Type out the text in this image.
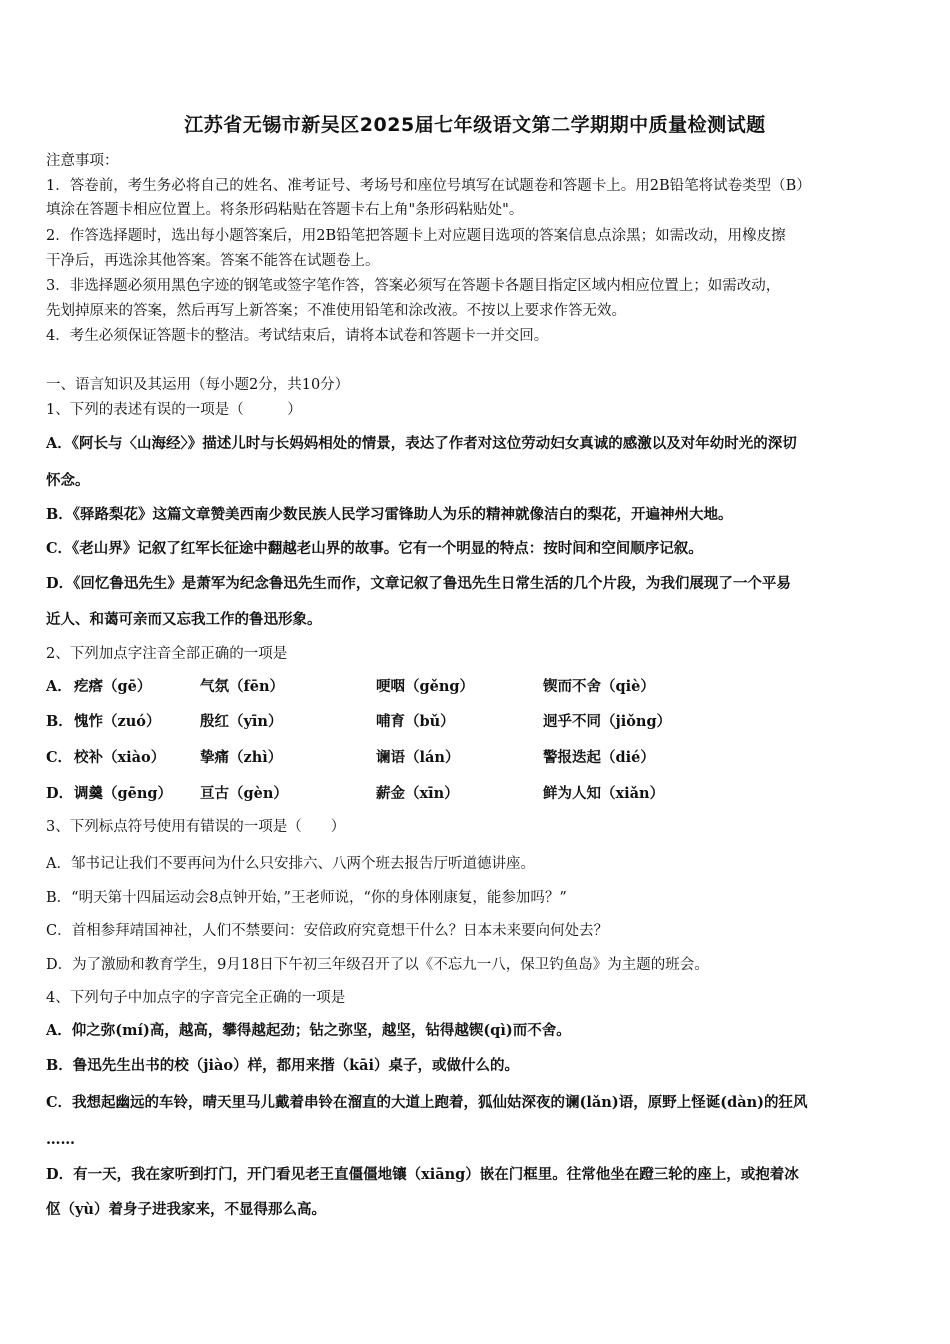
江苏省无锡市新吴区2025届七年级语文第二学期期中质量检测试题
注意事项：
1．答卷前，考生务必将自己的姓名、准考证号、考场号和座位号填写在试题卷和答题卡上。用2B铅笔将试卷类型（B）
填涂在答题卡相应位置上。将条形码粘贴在答题卡右上角"条形码粘贴处"。
2．作答选择题时，选出每小题答案后，用2B铅笔把答题卡上对应题目选项的答案信息点涂黑；如需改动，用橡皮擦
干净后，再选涂其他答案。答案不能答在试题卷上。
3．非选择题必须用黑色字迹的钢笔或签字笔作答，答案必须写在答题卡各题目指定区域内相应位置上；如需改动，
先划掉原来的答案，然后再写上新答案；不准使用铅笔和涂改液。不按以上要求作答无效。
4．考生必须保证答题卡的整洁。考试结束后，请将本试卷和答题卡一并交回。
一、语言知识及其运用（每小题2分，共10分）
1、下列的表述有误的一项是（　　　）
A．《阿长与〈山海经〉》描述儿时与长妈妈相处的情景，表达了作者对这位劳动妇女真诚的感激以及对年幼时光的深切
怀念。
B．《驿路梨花》这篇文章赞美西南少数民族人民学习雷锋助人为乐的精神就像洁白的梨花，开遍神州大地。
C．《老山界》记叙了红军长征途中翻越老山界的故事。它有一个明显的特点：按时间和空间顺序记叙。
D．《回忆鲁迅先生》是萧军为纪念鲁迅先生而作，文章记叙了鲁迅先生日常生活的几个片段，为我们展现了一个平易
近人、和蔼可亲而又忘我工作的鲁迅形象。
2、下列加点字注音全部正确的一项是
A． 疙瘩（gē）	气氛（fēn）	哽咽（gěng）	锲而不舍（qiè）
B． 愧怍（zuó）	殷红（yīn）	哺育（bǔ）	迥乎不同（jiǒng）
C． 校补（xiào） 挚痛（zhì）	谰语（lán）	警报迭起（dié）
D． 调羹（gēng） 亘古（gèn）	薪金（xīn）	鲜为人知（xiǎn）
3、下列标点符号使用有错误的一项是（　　）
A．邹书记让我们不要再问为什么只安排六、八两个班去报告厅听道德讲座。
B．“明天第十四届运动会8点钟开始，”王老师说，“你的身体刚康复，能参加吗？”
C．首相参拜靖国神社，人们不禁要问：安倍政府究竟想干什么？日本未来要向何处去？
D．为了激励和教育学生，9月18日下午初三年级召开了以《不忘九一八，保卫钓鱼岛》为主题的班会。
4、下列句子中加点字的字音完全正确的一项是
A．仰之弥(mí)高，越高，攀得越起劲；钻之弥坚，越坚，钻得越锲(qì)而不舍。
B．鲁迅先生出书的校（jiào）样，都用来揩（kāi）桌子，或做什么的。
C．我想起幽远的车铃，晴天里马儿戴着串铃在溜直的大道上跑着，狐仙姑深夜的谰(lǎn)语，原野上怪诞(dàn)的狂风
……
D．有一天，我在家听到打门，开门看见老王直僵僵地镶（xiāng）嵌在门框里。往常他坐在蹬三轮的座上，或抱着冰
伛（yù）着身子进我家来，不显得那么高。
